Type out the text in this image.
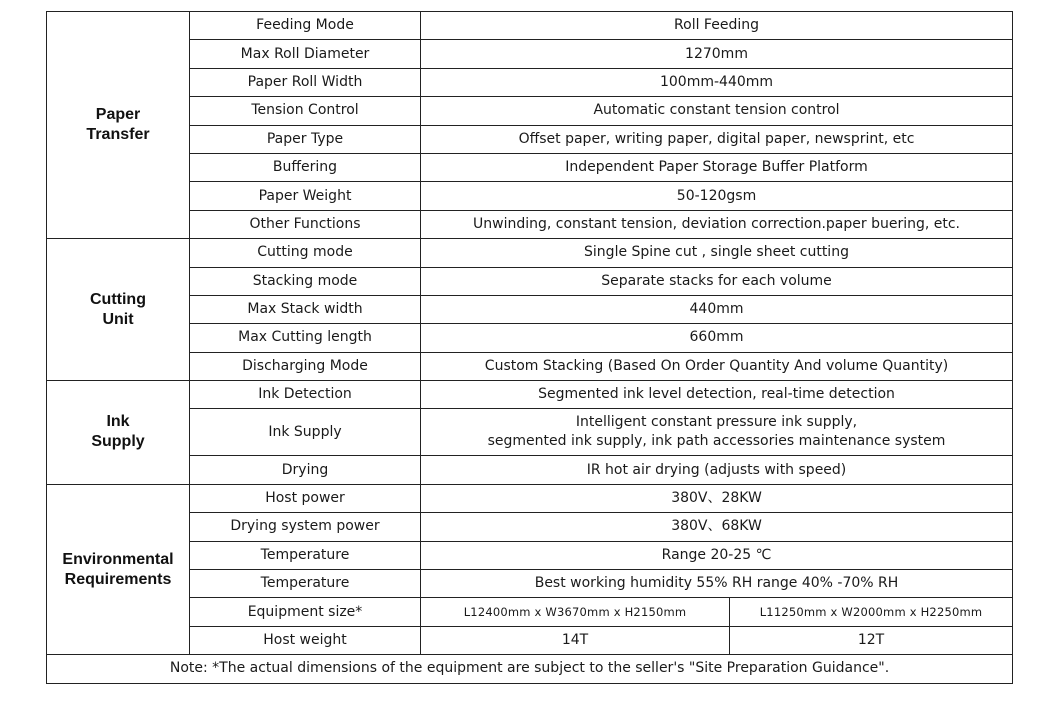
Paper
Transfer	Feeding Mode	Roll Feeding	
	Max Roll Diameter	1270mm	
	Paper Roll Width	100mm-440mm	
	Tension Control	Automatic constant tension control	
	Paper Type	Offset paper, writing paper, digital paper, newsprint, etc	
	Buffering	Independent Paper Storage Buffer Platform	
	Paper Weight	50-120gsm	
	Other Functions	Unwinding, constant tension, deviation correction.paper buering, etc.	

Cutting
Unit	Cutting mode	Single Spine cut , single sheet cutting	
	Stacking mode	Separate stacks for each volume	
	Max Stack width	440mm	
	Max Cutting length	660mm	
	Discharging Mode	Custom Stacking (Based On Order Quantity And volume Quantity)	

Ink
Supply	Ink Detection	Segmented ink level detection, real-time detection	
	Ink Supply	Intelligent constant pressure ink supply,
segmented ink supply, ink path accessories maintenance system	

	Drying	IR hot air drying (adjusts with speed)	

Environmental
Requirements	Host power	380V、28KW	
	Drying system power	380V、68KW	
	Temperature	Range 20-25 ℃	
	Temperature	Best working humidity 55% RH range 40% -70% RH	
	Equipment size*	L12400mm x W3670mm x H2150mm	L11250mm x W2000mm x H2250mm
	Host weight	14T	12T
Note: *The actual dimensions of the equipment are subject to the seller's "Site Preparation Guidance".			
